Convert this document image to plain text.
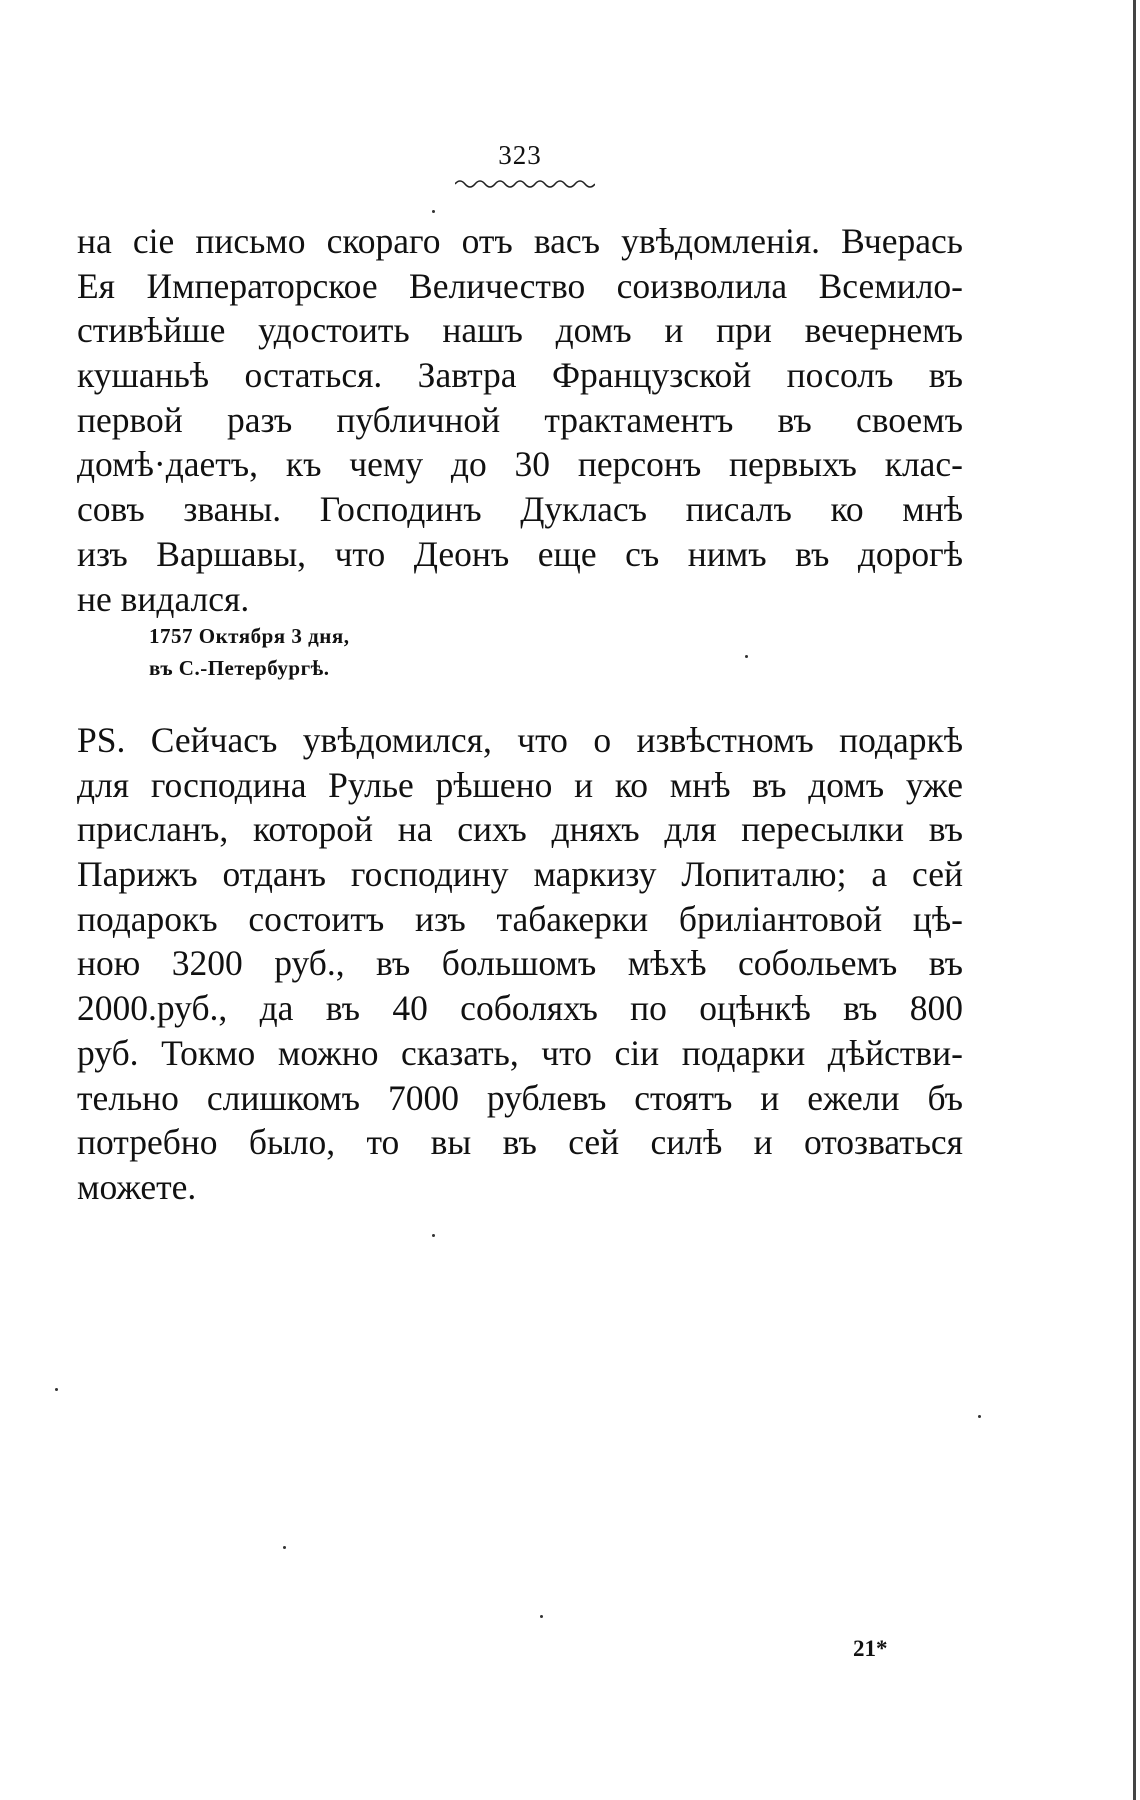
323
на сіе письмо скораго отъ васъ увѣдомленія. Вчерась
Ея Императорское Величество соизволила Всемило-
стивѣйше удостоить нашъ домъ и при вечернемъ
кушаньѣ остаться. Завтра Французской посолъ въ
первой разъ публичной трактаментъ въ своемъ
домѣ·даетъ, къ чему до 30 персонъ первыхъ клас-
совъ званы. Господинъ Дукласъ писалъ ко мнѣ
изъ Варшавы, что Деонъ еще съ нимъ въ дорогѣ
не видался.
1757 Октября 3 дня,
въ С.-Петербургѣ.
PS. Сейчасъ увѣдомился, что о извѣстномъ подаркѣ
для господина Рулье рѣшено и ко мнѣ въ домъ уже
присланъ, которой на сихъ дняхъ для пересылки въ
Парижъ отданъ господину маркизу Лопиталю; а сей
подарокъ состоитъ изъ табакерки бриліантовой цѣ-
ною 3200 руб., въ большомъ мѣхѣ собольемъ въ
2000.руб., да въ 40 соболяхъ по оцѣнкѣ въ 800
руб. Токмо можно сказать, что сіи подарки дѣйстви-
тельно слишкомъ 7000 рублевъ стоятъ и ежели бъ
потребно было, то вы въ сей силѣ и отозваться
можете.
21*
